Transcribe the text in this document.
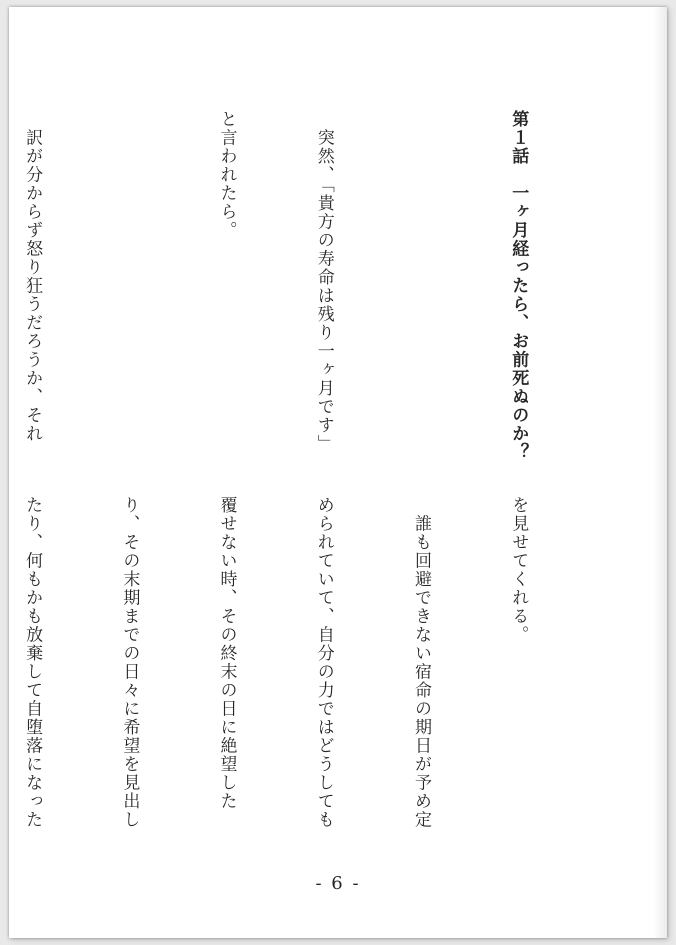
第１話　一ヶ月経ったら、お前死ぬのか？

　突然、「貴方の寿命は残り一ヶ月です」

と言われたら。

　訳が分からず怒り狂うだろうか、それ

を見せてくれる。

　誰も回避できない宿命の期日が予め定

められていて、自分の力ではどうしても

覆せない時、その終末の日に絶望した

り、その末期までの日々に希望を見出し

たり、何もかも放棄して自堕落になった

- 6 -
